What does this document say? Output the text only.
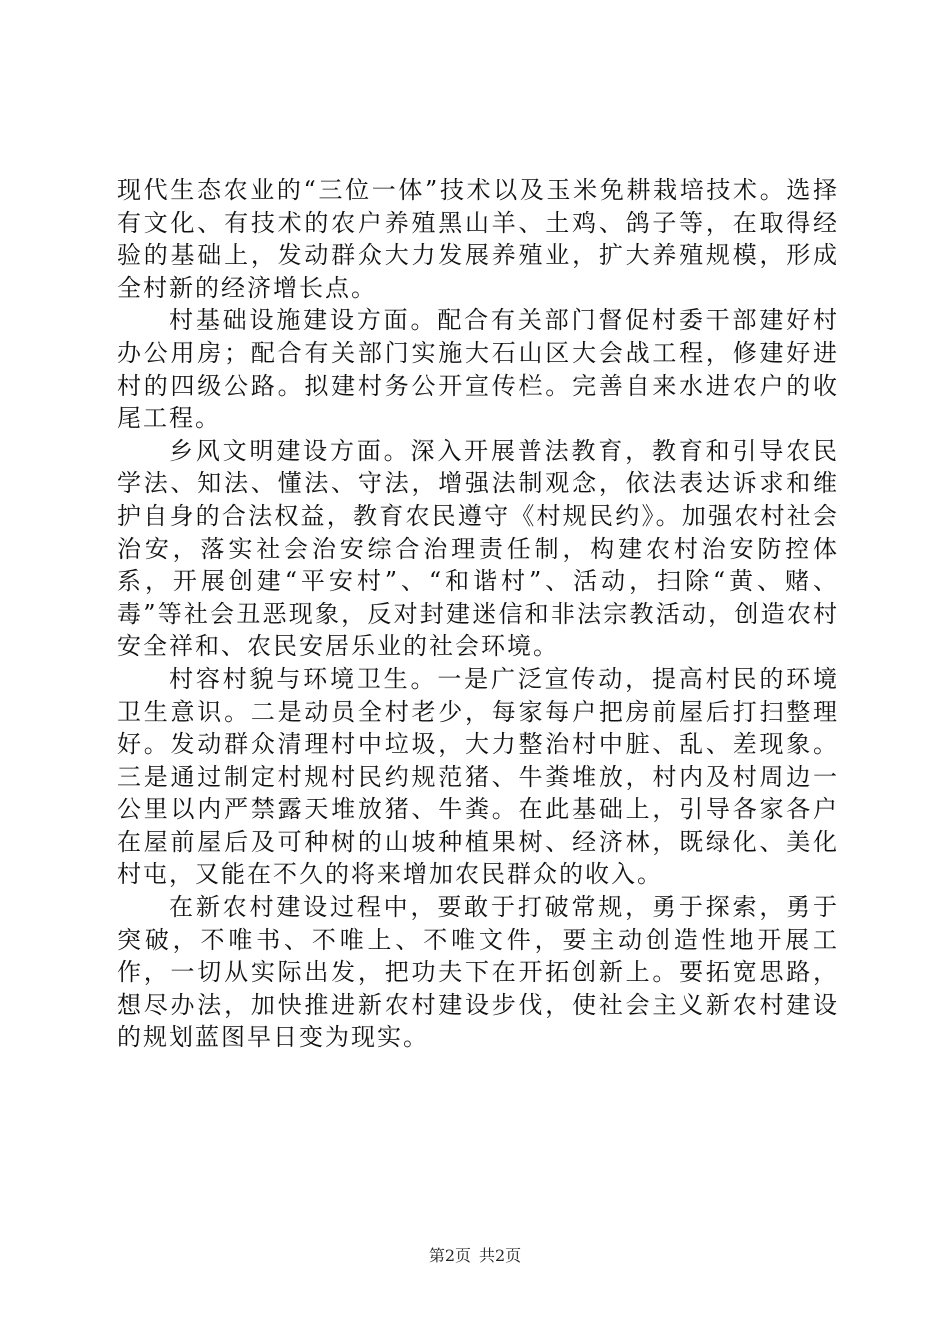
现代生态农业的“三位一体”技术以及玉米免耕栽培技术。选择有文化、有技术的农户养殖黑山羊、土鸡、鸽子等，在取得经验的基础上，发动群众大力发展养殖业，扩大养殖规模，形成全村新的经济增长点。

村基础设施建设方面。配合有关部门督促村委干部建好村办公用房；配合有关部门实施大石山区大会战工程，修建好进村的四级公路。拟建村务公开宣传栏。完善自来水进农户的收尾工程。

乡风文明建设方面。深入开展普法教育，教育和引导农民学法、知法、懂法、守法，增强法制观念，依法表达诉求和维护自身的合法权益，教育农民遵守《村规民约》。加强农村社会治安，落实社会治安综合治理责任制，构建农村治安防控体系，开展创建“平安村”、“和谐村”、活动，扫除“黄、赌、毒”等社会丑恶现象，反对封建迷信和非法宗教活动，创造农村安全祥和、农民安居乐业的社会环境。

村容村貌与环境卫生。一是广泛宣传动，提高村民的环境卫生意识。二是动员全村老少，每家每户把房前屋后打扫整理好。发动群众清理村中垃圾，大力整治村中脏、乱、差现象。三是通过制定村规村民约规范猪、牛粪堆放，村内及村周边一公里以内严禁露天堆放猪、牛粪。在此基础上，引导各家各户在屋前屋后及可种树的山坡种植果树、经济林，既绿化、美化村屯，又能在不久的将来增加农民群众的收入。

在新农村建设过程中，要敢于打破常规，勇于探索，勇于突破，不唯书、不唯上、不唯文件，要主动创造性地开展工作，一切从实际出发，把功夫下在开拓创新上。要拓宽思路，想尽办法，加快推进新农村建设步伐，使社会主义新农村建设的规划蓝图早日变为现实。

第2页 共2页
